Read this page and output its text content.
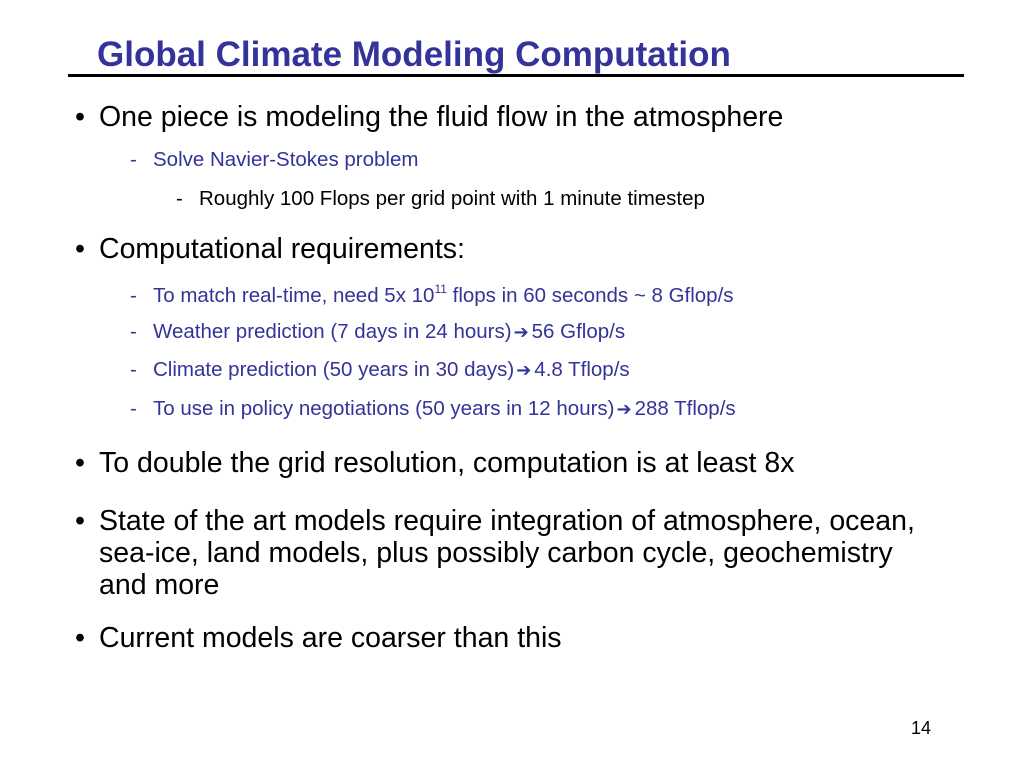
Global Climate Modeling Computation
• One piece is modeling the fluid flow in the atmosphere
- Solve Navier-Stokes problem
- Roughly 100 Flops per grid point with 1 minute timestep
• Computational requirements:
- To match real-time, need 5x $10^{11}$ flops in 60 seconds ~ 8 Gflop/s
- Weather prediction (7 days in 24 hours) ➔ 56 Gflop/s
- Climate prediction (50 years in 30 days) ➔ 4.8 Tflop/s
- To use in policy negotiations (50 years in 12 hours) ➔ 288 Tflop/s
• To double the grid resolution, computation is at least 8x
• State of the art models require integration of atmosphere, ocean, sea-ice, land models, plus possibly carbon cycle, geochemistry and more
• Current models are coarser than this
14
